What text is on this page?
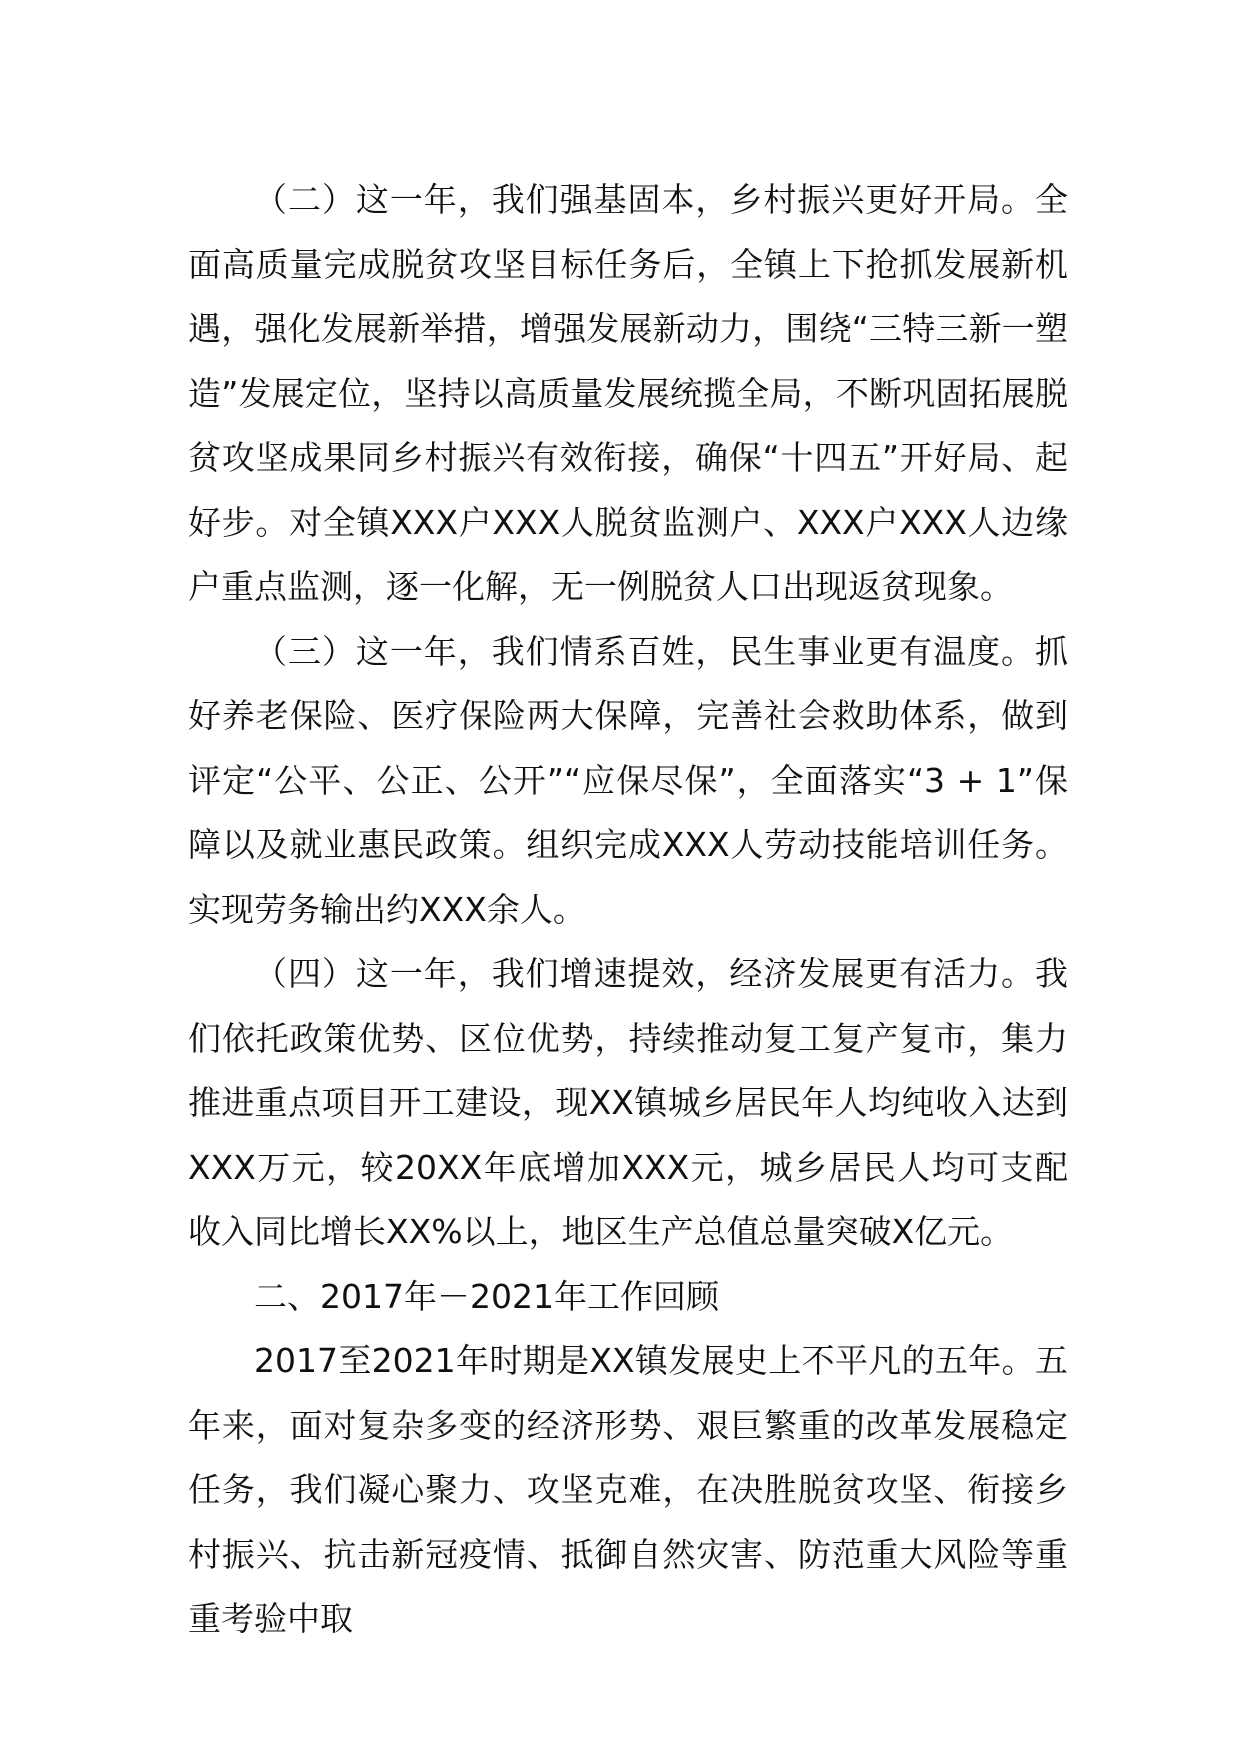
（二）这一年，我们强基固本，乡村振兴更好开局。全面高质量完成脱贫攻坚目标任务后，全镇上下抢抓发展新机遇，强化发展新举措，增强发展新动力，围绕“三特三新一塑造”发展定位，坚持以高质量发展统揽全局，不断巩固拓展脱贫攻坚成果同乡村振兴有效衔接，确保“十四五”开好局、起好步。对全镇XXX户XXX人脱贫监测户、XXX户XXX人边缘户重点监测，逐一化解，无一例脱贫人口出现返贫现象。

（三）这一年，我们情系百姓，民生事业更有温度。抓好养老保险、医疗保险两大保障，完善社会救助体系，做到评定“公平、公正、公开”“应保尽保”，全面落实“3 + 1”保障以及就业惠民政策。组织完成XXX人劳动技能培训任务。实现劳务输出约XXX余人。

（四）这一年，我们增速提效，经济发展更有活力。我们依托政策优势、区位优势，持续推动复工复产复市，集力推进重点项目开工建设，现XX镇城乡居民年人均纯收入达到XXX万元，较20XX年底增加XXX元，城乡居民人均可支配收入同比增长XX%以上，地区生产总值总量突破X亿元。

二、2017年－2021年工作回顾

2017至2021年时期是XX镇发展史上不平凡的五年。五年来，面对复杂多变的经济形势、艰巨繁重的改革发展稳定任务，我们凝心聚力、攻坚克难，在决胜脱贫攻坚、衔接乡村振兴、抗击新冠疫情、抵御自然灾害、防范重大风险等重重考验中取
